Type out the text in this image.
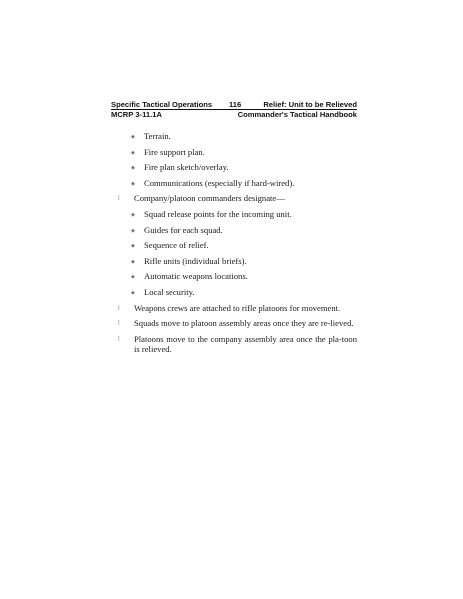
Specific Tactical Operations 116	Relief: Unit to be Relieved
MCRP 3-11.1A	Commander's Tactical Handbook
◆ Terrain.
◆ Fire support plan.
◆ Fire plan sketch/overlay.
◆ Communications (especially if hard-wired).
l Company/platoon commanders designate—
◆ Squad release points for the incoming unit.
◆ Guides for each squad.
◆ Sequence of relief.
◆ Rifle units (individual briefs).
◆ Automatic weapons locations.
◆ Local security.
l Weapons crews are attached to rifle platoons for movement.
l Squads move to platoon assembly areas once they are re-lieved.
l Platoons move to the company assembly area once the pla-toon is relieved.
